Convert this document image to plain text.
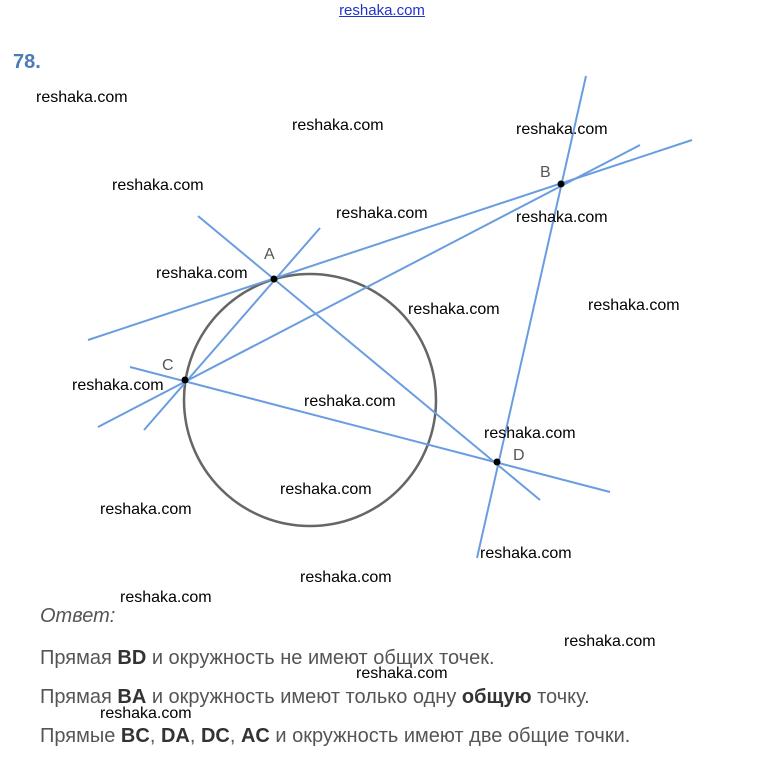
reshaka.com
78.
A
B
C
D
reshaka.com
reshaka.com	reshaka.com
reshaka.com
reshaka.com	reshaka.com
reshaka.com
reshaka.com
reshaka.com
reshaka.com
reshaka.com
reshaka.com
reshaka.com
reshaka.com
reshaka.com
reshaka.com
reshaka.com
reshaka.com
reshaka.com
reshaka.com
Ответ:
Прямая BD и окружность не имеют общих точек.
Прямая BA и окружность имеют только одну общую точку.
Прямые BC, DA, DC, AC и окружность имеют две общие точки.
